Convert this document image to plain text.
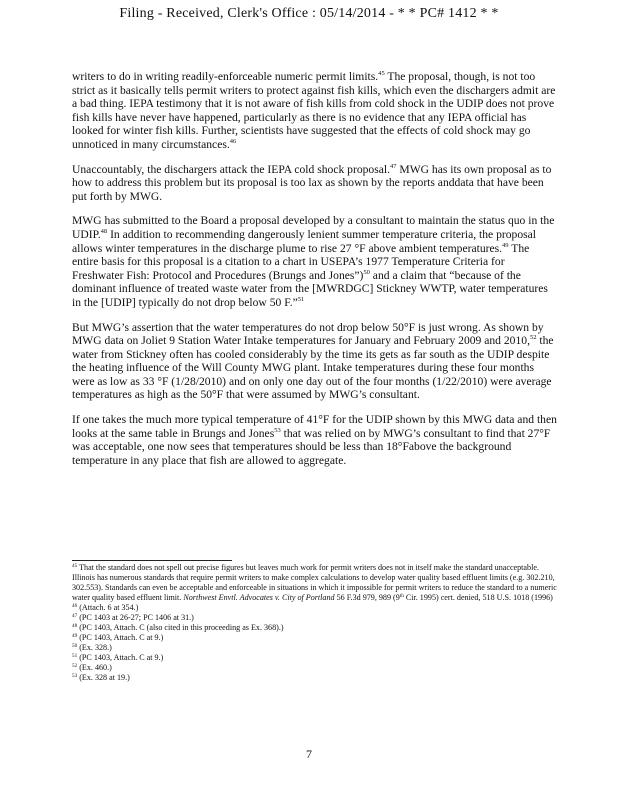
Filing - Received, Clerk's Office : 05/14/2014 - * * PC# 1412 * *

writers to do in writing readily-enforceable numeric permit limits.$^{45}$ The proposal, though, is not too strict as it basically tells permit writers to protect against fish kills, which even the dischargers admit are a bad thing. IEPA testimony that it is not aware of fish kills from cold shock in the UDIP does not prove fish kills have never have happened, particularly as there is no evidence that any IEPA official has looked for winter fish kills. Further, scientists have suggested that the effects of cold shock may go unnoticed in many circumstances.$^{46}$

Unaccountably, the dischargers attack the IEPA cold shock proposal.$^{47}$ MWG has its own proposal as to how to address this problem but its proposal is too lax as shown by the reports anddata that have been put forth by MWG.

MWG has submitted to the Board a proposal developed by a consultant to maintain the status quo in the UDIP.$^{48}$ In addition to recommending dangerously lenient summer temperature criteria, the proposal allows winter temperatures in the discharge plume to rise 27 °F above ambient temperatures.$^{49}$ The entire basis for this proposal is a citation to a chart in USEPA’s 1977 Temperature Criteria for Freshwater Fish: Protocol and Procedures (Brungs and Jones”)$^{50}$ and a claim that “because of the dominant influence of treated waste water from the [MWRDGC] Stickney WWTP, water temperatures in the [UDIP] typically do not drop below 50 F.”$^{51}$

But MWG’s assertion that the water temperatures do not drop below 50°F is just wrong. As shown by MWG data on Joliet 9 Station Water Intake temperatures for January and February 2009 and 2010,52 the water from Stickney often has cooled considerably by the time its gets as far south as the UDIP despite the heating influence of the Will County MWG plant. Intake temperatures during these four months were as low as 33 °F (1/28/2010) and on only one day out of the four months (1/22/2010) were average temperatures as high as the 50°F that were assumed by MWG’s consultant.

If one takes the much more typical temperature of 41°F for the UDIP shown by this MWG data and then looks at the same table in Brungs and Jones$^{53}$ that was relied on by MWG’s consultant to find that 27°F was acceptable, one now sees that temperatures should be less than 18°Fabove the background temperature in any place that fish are allowed to aggregate.

$^{45}$ That the standard does not spell out precise figures but leaves much work for permit writers does not in itself make the standard unacceptable. Illinois has numerous standards that require permit writers to make complex calculations to develop water quality based effluent limits (e.g. 302.210, 302.553). Standards can even be acceptable and enforceable in situations in which it impossible for permit writers to reduce the standard to a numeric water quality based effluent limit. Northwest Envtl. Advocates v. City of Portland 56 F.3d 979, 989 (9th Cir. 1995) cert. denied, 518 U.S. 1018 (1996)
$^{46}$ (Attach. 6 at 354.)
$^{47}$ (PC 1403 at 26-27; PC 1406 at 31.)
$^{48}$ (PC 1403, Attach. C (also cited in this proceeding as Ex. 368).)
$^{49}$ (PC 1403, Attach. C at 9.)
$^{50}$ (Ex. 328.)
$^{51}$ (PC 1403, Attach. C at 9.)
$^{52}$ (Ex. 460.)
$^{53}$ (Ex. 328 at 19.)
7
